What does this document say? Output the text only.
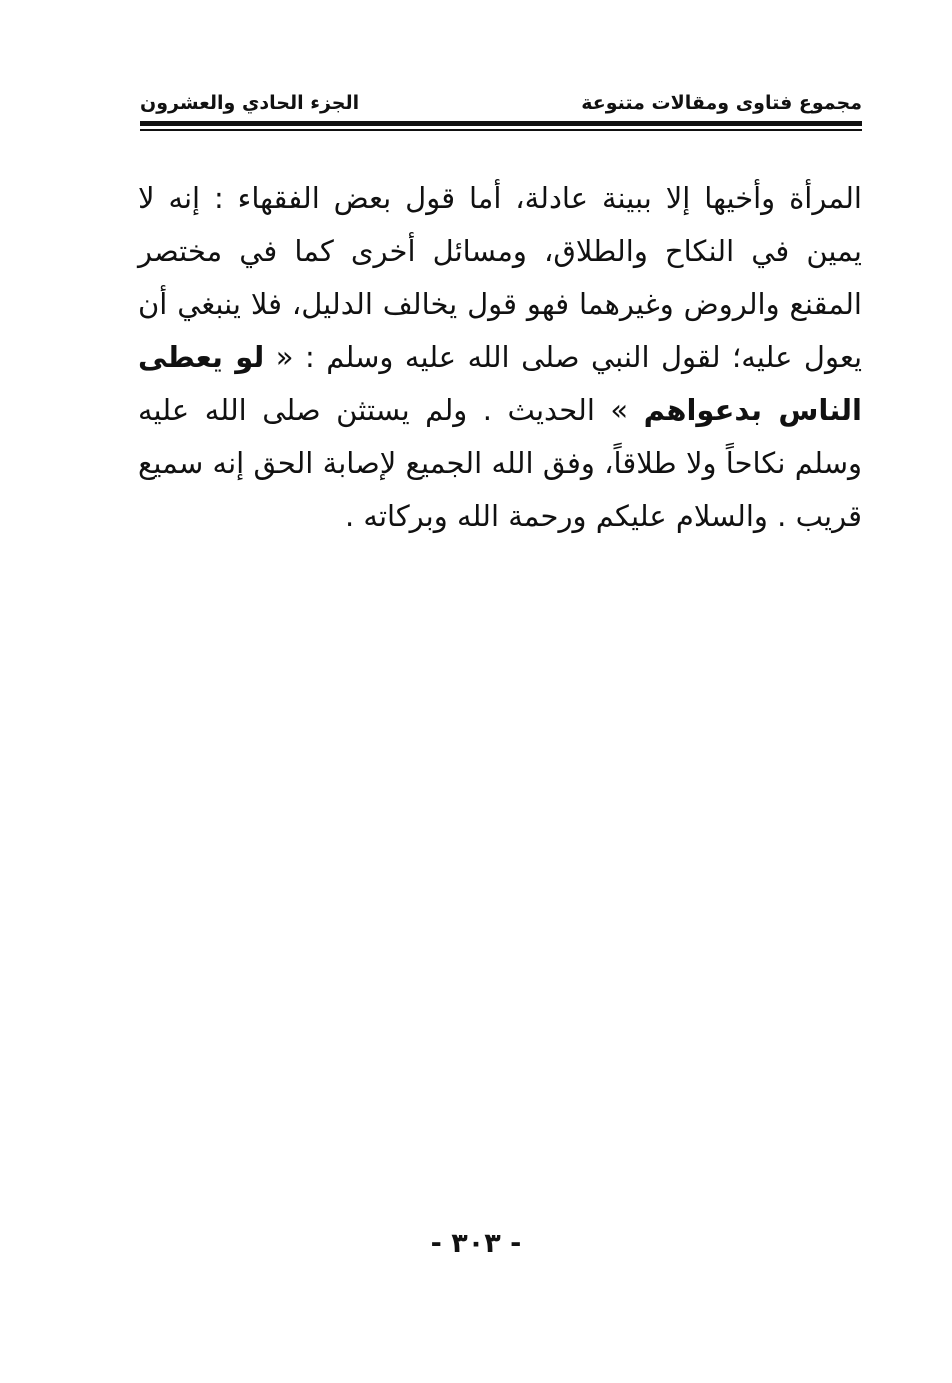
مجموع فتاوى ومقالات متنوعة
الجزء الحادي والعشرون
المرأة وأخيها إلا ببينة عادلة، أما قول بعض الفقهاء : إنه لا يمين في النكاح والطلاق، ومسائل أخرى كما في مختصر المقنع والروض وغيرهما فهو قول يخالف الدليل، فلا ينبغي أن يعول عليه؛ لقول النبي صلى الله عليه وسلم : « لو يعطى الناس بدعواهم » الحديث . ولم يستثن صلى الله عليه وسلم نكاحاً ولا طلاقاً، وفق الله الجميع لإصابة الحق إنه سميع قريب . والسلام عليكم ورحمة الله وبركاته .
- ٣٠٣ -
